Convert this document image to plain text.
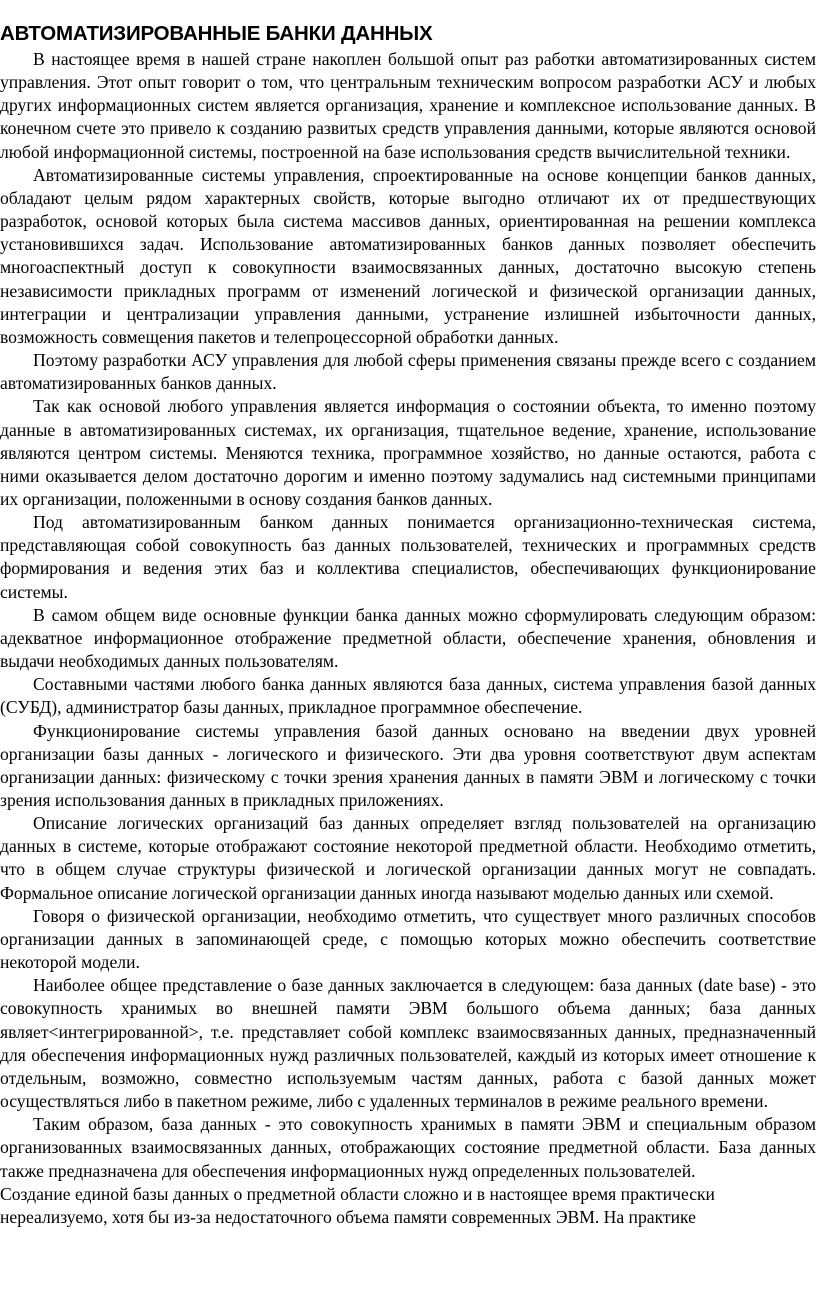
АВТОМАТИЗИРОВАННЫЕ БАНКИ ДАННЫХ

В настоящее время в нашей стране накоплен большой опыт раз работки автоматизированных систем управления. Этот опыт говорит о том, что центральным техническим вопросом разработки АСУ и любых других информационных систем является организация, хранение и комплексное использование данных. В конечном счете это привело к созданию развитых средств управления данными, которые являются основой любой информационной системы, построенной на базе использования средств вычислительной техники.

Автоматизированные системы управления, спроектированные на основе концепции банков данных, обладают целым рядом характерных свойств, которые выгодно отличают их от предшествующих разработок, основой которых была система массивов данных, ориентированная на решении комплекса установившихся задач. Использование автоматизированных банков данных позволяет обеспечить многоаспектный доступ к совокупности взаимосвязанных данных, достаточно высокую степень независимости прикладных программ от изменений логической и физической организации данных, интеграции и централизации управления данными, устранение излишней избыточности данных, возможность совмещения пакетов и телепроцессорной обработки данных.

Поэтому разработки АСУ управления для любой сферы применения связаны прежде всего с созданием автоматизированных банков данных.

Так как основой любого управления является информация о состоянии объекта, то именно поэтому данные в автоматизированных системах, их организация, тщательное ведение, хранение, использование являются центром системы. Меняются техника, программное хозяйство, но данные остаются, работа с ними оказывается делом достаточно дорогим и именно поэтому задумались над системными принципами их организации, положенными в основу создания банков данных.

Под автоматизированным банком данных понимается организационно-техническая система, представляющая собой совокупность баз данных пользователей, технических и программных средств формирования и ведения этих баз и коллектива специалистов, обеспечивающих функционирование системы.

В самом общем виде основные функции банка данных можно сформулировать следующим образом: адекватное информационное отображение предметной области, обеспечение хранения, обновления и выдачи необходимых данных пользователям.

Составными частями любого банка данных являются база данных, система управления базой данных (СУБД), администратор базы данных, прикладное программное обеспечение.

Функционирование системы управления базой данных основано на введении двух уровней организации базы данных - логического и физического. Эти два уровня соответствуют двум аспектам организации данных: физическому с точки зрения хранения данных в памяти ЭВМ и логическому с точки зрения использования данных в прикладных приложениях.

Описание логических организаций баз данных определяет взгляд пользователей на организацию данных в системе, которые отображают состояние некоторой предметной области. Необходимо отметить, что в общем случае структуры физической и логической организации данных могут не совпадать. Формальное описание логической организации данных иногда называют моделью данных или схемой.

Говоря о физической организации, необходимо отметить, что существует много различных способов организации данных в запоминающей среде, с помощью которых можно обеспечить соответствие некоторой модели.

Наиболее общее представление о базе данных заключается в следующем: база данных (date base) - это совокупность хранимых во внешней памяти ЭВМ большого объема данных; база данных являет<интегрированной>, т.е. представляет собой комплекс взаимосвязанных данных, предназначенный для обеспечения информационных нужд различных пользователей, каждый из которых имеет отношение к отдельным, возможно, совместно используемым частям данных, работа с базой данных может осуществляться либо в пакетном режиме, либо с удаленных терминалов в режиме реального времени.

Таким образом, база данных - это совокупность хранимых в памяти ЭВМ и специальным образом организованных взаимосвязанных данных, отображающих состояние предметной области. База данных также предназначена для обеспечения информационных нужд определенных пользователей.

Создание единой базы данных о предметной области сложно и в настоящее время практически нереализуемо, хотя бы из-за недостаточного объема памяти современных ЭВМ. На практике
